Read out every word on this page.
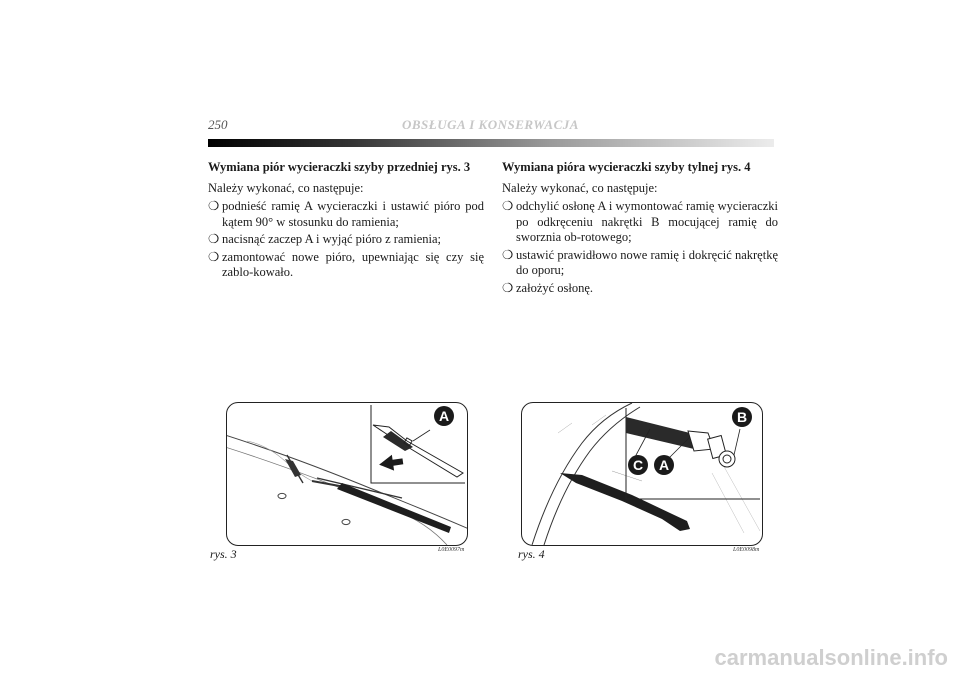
250	OBSŁUGA I KONSERWACJA
Wymiana piór wycieraczki szyby przedniej rys. 3

Należy wykonać, co następuje:

❍ podnieść ramię A wycieraczki i ustawić pióro pod kątem 90° w stosunku do ramienia;
❍ nacisnąć zaczep A i wyjąć pióro z ramienia;
❍ zamontować nowe pióro, upewniając się czy się zablo-kowało.
Wymiana pióra wycieraczki szyby tylnej rys. 4

Należy wykonać, co następuje:

❍ odchylić osłonę A i wymontować ramię wycieraczki po odkręceniu nakrętki B mocującej ramię do sworznia ob-rotowego;
❍ ustawić prawidłowo nowe ramię i dokręcić nakrętkę do oporu;
❍ założyć osłonę.
A
rys. 3	L0E0097m
B
C A
rys. 4	L0E0098m
carmanualsonline.info
